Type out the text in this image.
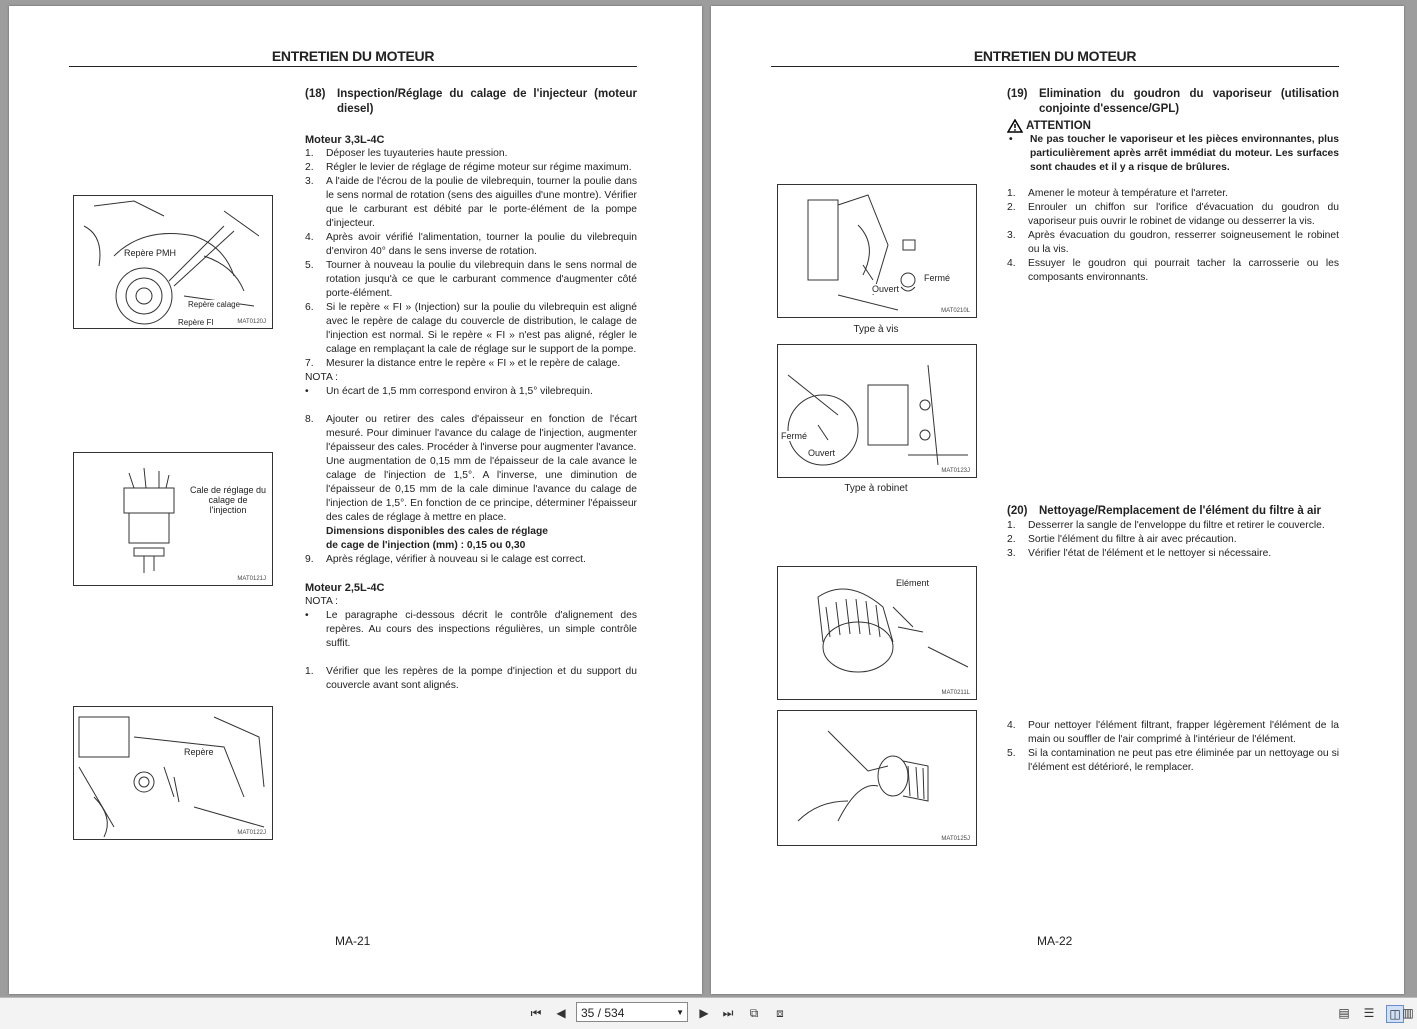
ENTRETIEN DU MOTEUR
Repère PMH
Repère calage
Repère FI	MAT0120J
Cale de réglage du calage de l'injection
MAT0121J
Repère
MAT0122J
(18)	Inspection/Réglage du calage de l'injecteur (moteur diesel)
Moteur 3,3L-4C
1.	Déposer les tuyauteries haute pression.
2.	Régler le levier de réglage de régime moteur sur régime maximum.
3.	A l'aide de l'écrou de la poulie de vilebrequin, tourner la poulie dans le sens normal de rotation (sens des aiguilles d'une montre). Vérifier que le carburant est débité par le porte-élément de la pompe d'injecteur.
4.	Après avoir vérifié l'alimentation, tourner la poulie du vilebrequin d'environ 40° dans le sens inverse de rotation.
5.	Tourner à nouveau la poulie du vilebrequin dans le sens normal de rotation jusqu'à ce que le carburant commence d'augmenter côté porte-élément.
6.	Si le repère « FI » (Injection) sur la poulie du vilebrequin est aligné avec le repère de calage du couvercle de distribution, le calage de l'injection est normal. Si le repère « FI » n'est pas aligné, régler le calage en remplaçant la cale de réglage sur le support de la pompe.
7.	Mesurer la distance entre le repère « FI » et le repère de calage.
NOTA :
•	Un écart de 1,5 mm correspond environ à 1,5° vilebrequin.
8.	Ajouter ou retirer des cales d'épaisseur en fonction de l'écart mesuré. Pour diminuer l'avance du calage de l'injection, augmenter l'épaisseur des cales. Procéder à l'inverse pour augmenter l'avance.
Une augmentation de 0,15 mm de l'épaisseur de la cale avance le calage de l'injection de 1,5°. A l'inverse, une diminution de l'épaisseur de 0,15 mm de la cale diminue l'avance du calage de l'injection de 1,5°. En fonction de ce principe, déterminer l'épaisseur des cales de réglage à mettre en place.
Dimensions disponibles des cales de réglage
de cage de l'injection (mm) : 0,15 ou 0,30
9.	Après réglage, vérifier à nouveau si le calage est correct.
Moteur 2,5L-4C
NOTA :
•	Le paragraphe ci-dessous décrit le contrôle d'alignement des repères. Au cours des inspections régulières, un simple contrôle suffit.
1.	Vérifier que les repères de la pompe d'injection et du support du couvercle avant sont alignés.
MA-21
ENTRETIEN DU MOTEUR
Ouvert
Fermé
MAT0210L
Type à vis
Fermé
Ouvert
MAT0123J
Type à robinet
Elément
MAT0211L
MAT0125J
(19)	Elimination du goudron du vaporiseur (utilisation conjointe d'essence/GPL)
ATTENTION
•	Ne pas toucher le vaporiseur et les pièces environnantes, plus particulièrement après arrêt immédiat du moteur. Les surfaces sont chaudes et il y a risque de brûlures.
1.	Amener le moteur à température et l'arreter.
2.	Enrouler un chiffon sur l'orifice d'évacuation du goudron du vaporiseur puis ouvrir le robinet de vidange ou desserrer la vis.
3.	Après évacuation du goudron, resserrer soigneusement le robinet ou la vis.
4.	Essuyer le goudron qui pourrait tacher la carrosserie ou les composants environnants.
(20)	Nettoyage/Remplacement de l'élément du filtre à air
1.	Desserrer la sangle de l'enveloppe du filtre et retirer le couvercle.
2.	Sortie l'élément du filtre à air avec précaution.
3.	Vérifier l'état de l'élément et le nettoyer si nécessaire.
4.	Pour nettoyer l'élément filtrant, frapper légèrement l'élément de la main ou souffler de l'air comprimé à l'intérieur de l'élément.
5.	Si la contamination ne peut pas etre éliminée par un nettoyage ou si l'élément est détérioré, le remplacer.
MA-22
⏮ ◀	35 / 534	▼ ▶ ⏭	⧉	⧈	▤ ☰ ◫ ▥
